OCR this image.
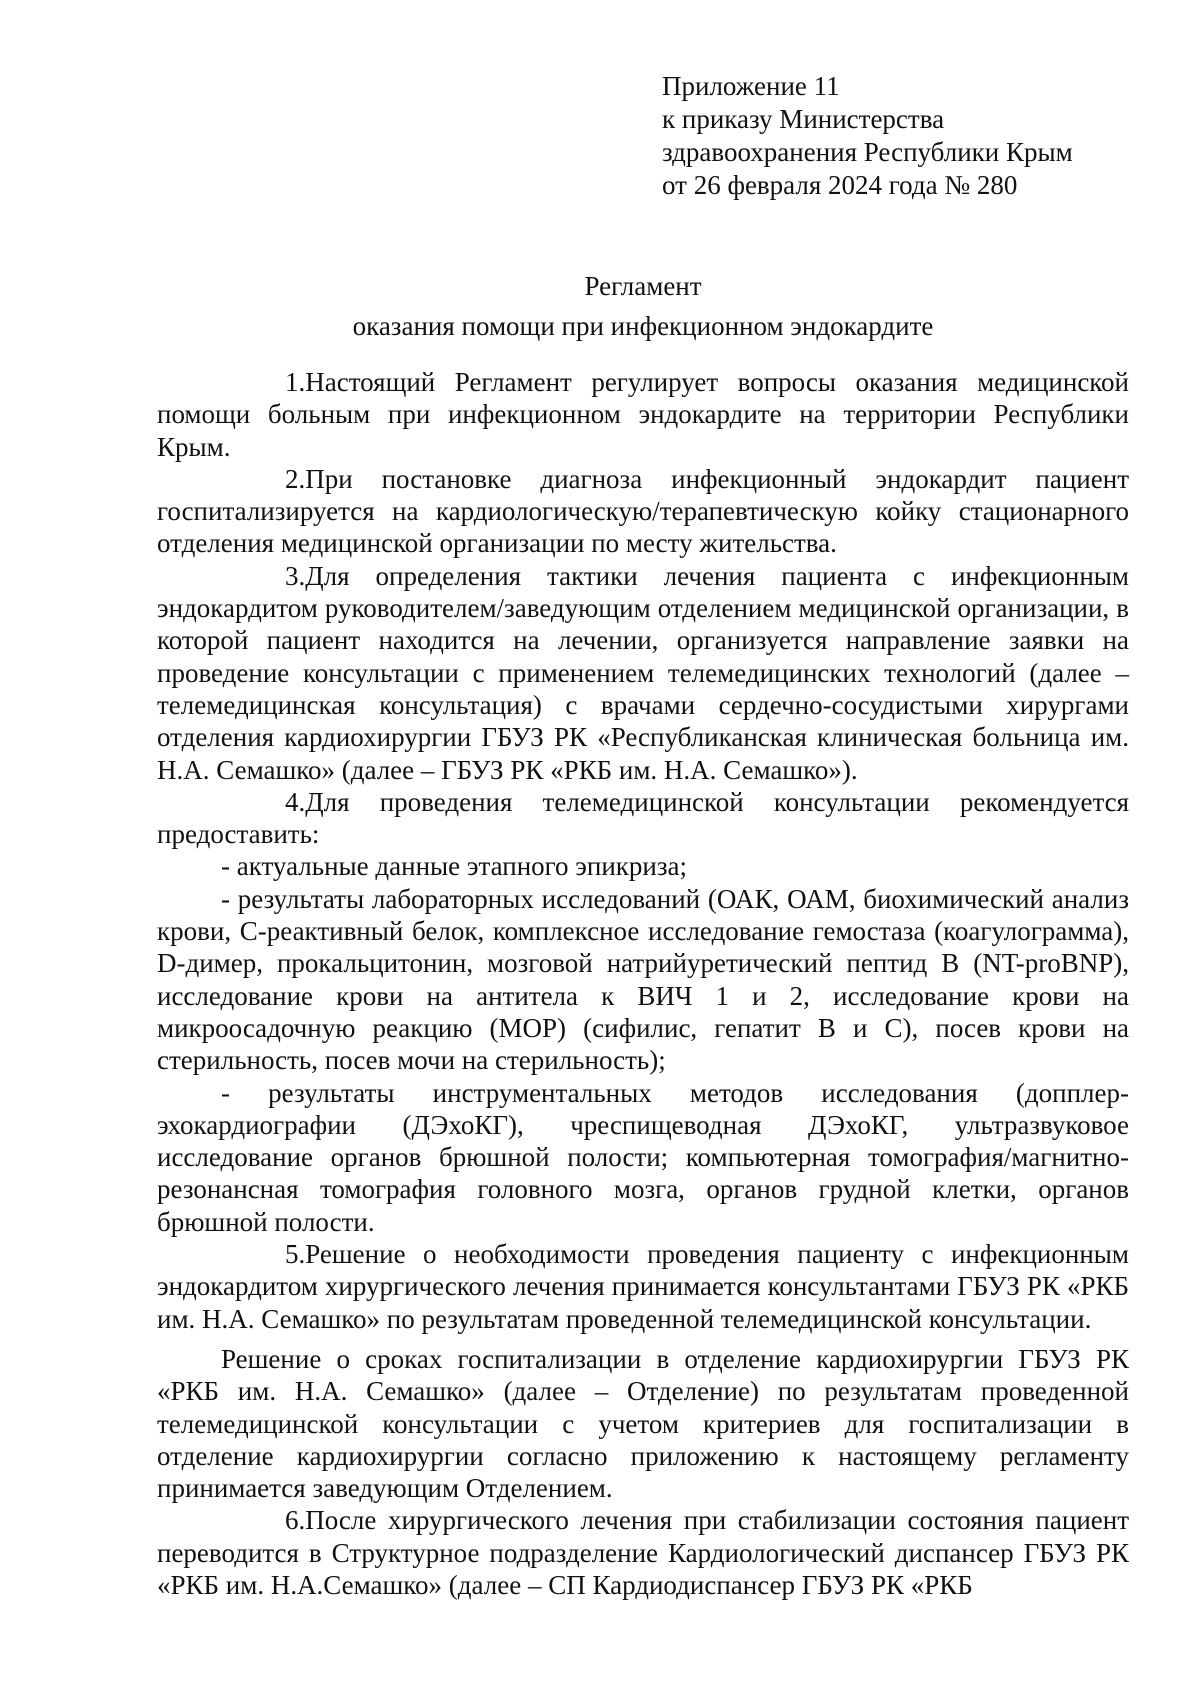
Приложение 11
к приказу Министерства
здравоохранения Республики Крым
от 26 февраля 2024 года № 280
Регламент
оказания помощи при инфекционном эндокардите

1.Настоящий Регламент регулирует вопросы оказания медицинской помощи больным при инфекционном эндокардите на территории Республики Крым.

2.При постановке диагноза инфекционный эндокардит пациент госпитализируется на кардиологическую/терапевтическую койку стационарного отделения медицинской организации по месту жительства.

3.Для определения тактики лечения пациента с инфекционным эндокардитом руководителем/заведующим отделением медицинской организации, в которой пациент находится на лечении, организуется направление заявки на проведение консультации с применением телемедицинских технологий (далее – телемедицинская консультация) с врачами сердечно-сосудистыми хирургами отделения кардиохирургии ГБУЗ РК «Республиканская клиническая больница им. Н.А. Семашко» (далее – ГБУЗ РК «РКБ им. Н.А. Семашко»).

4.Для проведения телемедицинской консультации рекомендуется предоставить:

- актуальные данные этапного эпикриза;

- результаты лабораторных исследований (ОАК, ОАМ, биохимический анализ крови, С-реактивный белок, комплексное исследование гемостаза (коагулограмма), D-димер, прокальцитонин, мозговой натрийуретический пептид B (NT-proBNP), исследование крови на антитела к ВИЧ 1 и 2, исследование крови на микроосадочную реакцию (МОР) (сифилис, гепатит В и С), посев крови на стерильность, посев мочи на стерильность);

- результаты инструментальных методов исследования (допплер-эхокардиографии (ДЭхоКГ), чреспищеводная ДЭхоКГ, ультразвуковое исследование органов брюшной полости; компьютерная томография/магнитно-резонансная томография головного мозга, органов грудной клетки, органов брюшной полости.

5.Решение о необходимости проведения пациенту с инфекционным эндокардитом хирургического лечения принимается консультантами ГБУЗ РК «РКБ им. Н.А. Семашко» по результатам проведенной телемедицинской консультации.

Решение о сроках госпитализации в отделение кардиохирургии ГБУЗ РК «РКБ им. Н.А. Семашко» (далее – Отделение) по результатам проведенной телемедицинской консультации с учетом критериев для госпитализации в отделение кардиохирургии согласно приложению к настоящему регламенту принимается заведующим Отделением.

6.После хирургического лечения при стабилизации состояния пациент переводится в Структурное подразделение Кардиологический диспансер ГБУЗ РК «РКБ им. Н.А.Семашко» (далее – СП Кардиодиспансер ГБУЗ РК «РКБ
